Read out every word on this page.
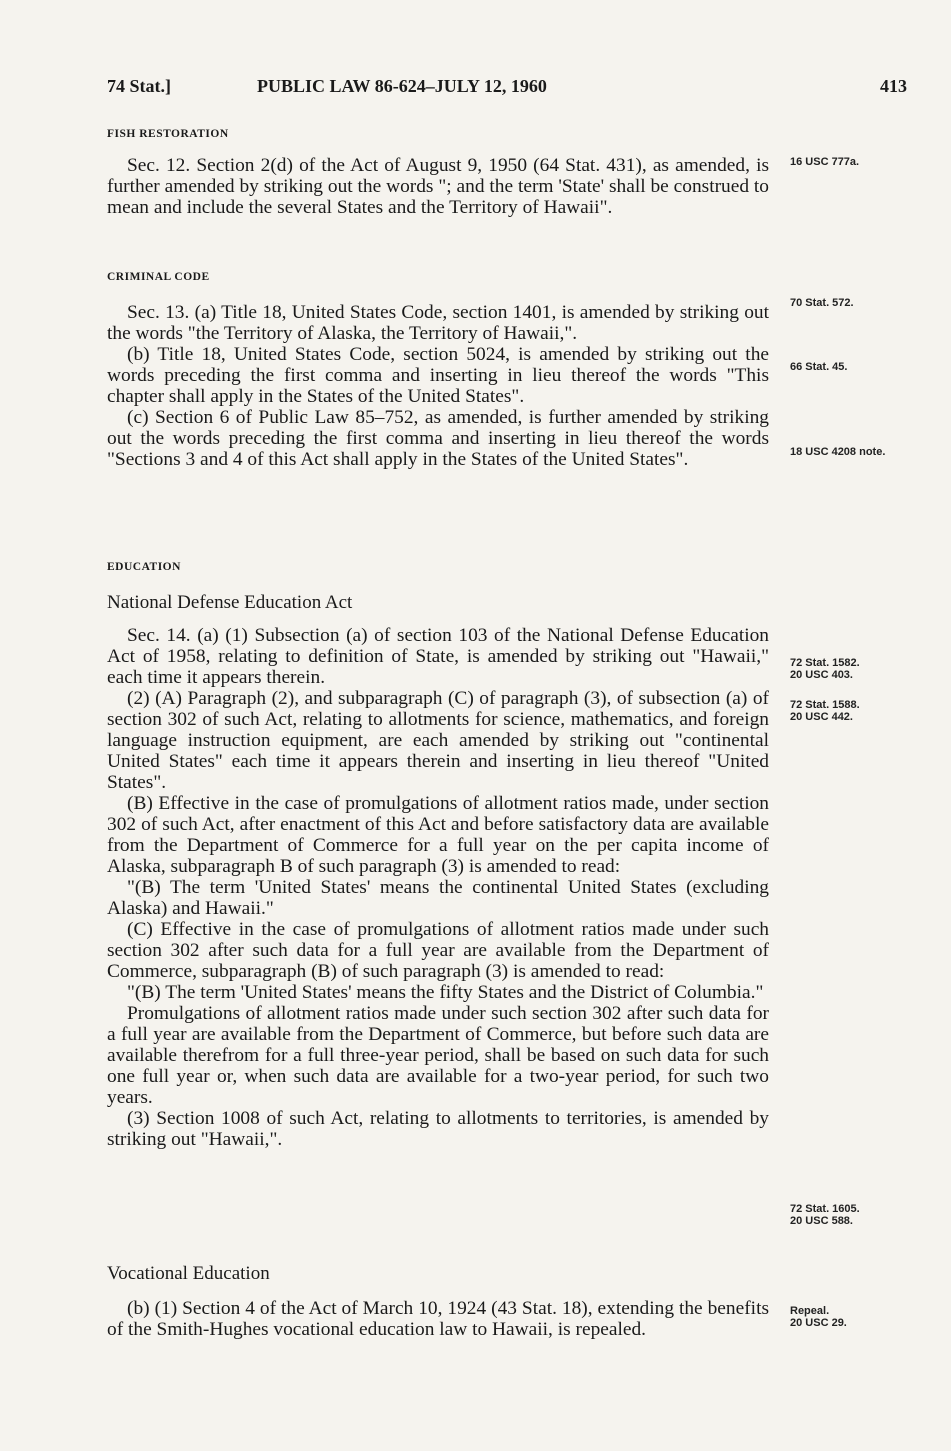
74 Stat.]	PUBLIC LAW 86-624–JULY 12, 1960	413

FISH RESTORATION

Sec. 12. Section 2(d) of the Act of August 9, 1950 (64 Stat. 431), as amended, is further amended by striking out the words "; and the term 'State' shall be construed to mean and include the several States and the Territory of Hawaii".

CRIMINAL CODE

Sec. 13. (a) Title 18, United States Code, section 1401, is amended by striking out the words "the Territory of Alaska, the Territory of Hawaii,".

(b) Title 18, United States Code, section 5024, is amended by striking out the words preceding the first comma and inserting in lieu thereof the words "This chapter shall apply in the States of the United States".

(c) Section 6 of Public Law 85–752, as amended, is further amended by striking out the words preceding the first comma and inserting in lieu thereof the words "Sections 3 and 4 of this Act shall apply in the States of the United States".

EDUCATION

National Defense Education Act

Sec. 14. (a) (1) Subsection (a) of section 103 of the National Defense Education Act of 1958, relating to definition of State, is amended by striking out "Hawaii," each time it appears therein.

(2) (A) Paragraph (2), and subparagraph (C) of paragraph (3), of subsection (a) of section 302 of such Act, relating to allotments for science, mathematics, and foreign language instruction equipment, are each amended by striking out "continental United States" each time it appears therein and inserting in lieu thereof "United States".

(B) Effective in the case of promulgations of allotment ratios made, under section 302 of such Act, after enactment of this Act and before satisfactory data are available from the Department of Commerce for a full year on the per capita income of Alaska, subparagraph B of such paragraph (3) is amended to read:

"(B) The term 'United States' means the continental United States (excluding Alaska) and Hawaii."

(C) Effective in the case of promulgations of allotment ratios made under such section 302 after such data for a full year are available from the Department of Commerce, subparagraph (B) of such paragraph (3) is amended to read:

"(B) The term 'United States' means the fifty States and the District of Columbia."

Promulgations of allotment ratios made under such section 302 after such data for a full year are available from the Department of Commerce, but before such data are available therefrom for a full three-year period, shall be based on such data for such one full year or, when such data are available for a two-year period, for such two years.

(3) Section 1008 of such Act, relating to allotments to territories, is amended by striking out "Hawaii,".

Vocational Education

(b) (1) Section 4 of the Act of March 10, 1924 (43 Stat. 18), extending the benefits of the Smith-Hughes vocational education law to Hawaii, is repealed.

16 USC 777a.
70 Stat. 572.
66 Stat. 45.
18 USC 4208 note.
72 Stat. 1582.
20 USC 403.
72 Stat. 1588.
20 USC 442.
72 Stat. 1605.
20 USC 588.
Repeal.
20 USC 29.
